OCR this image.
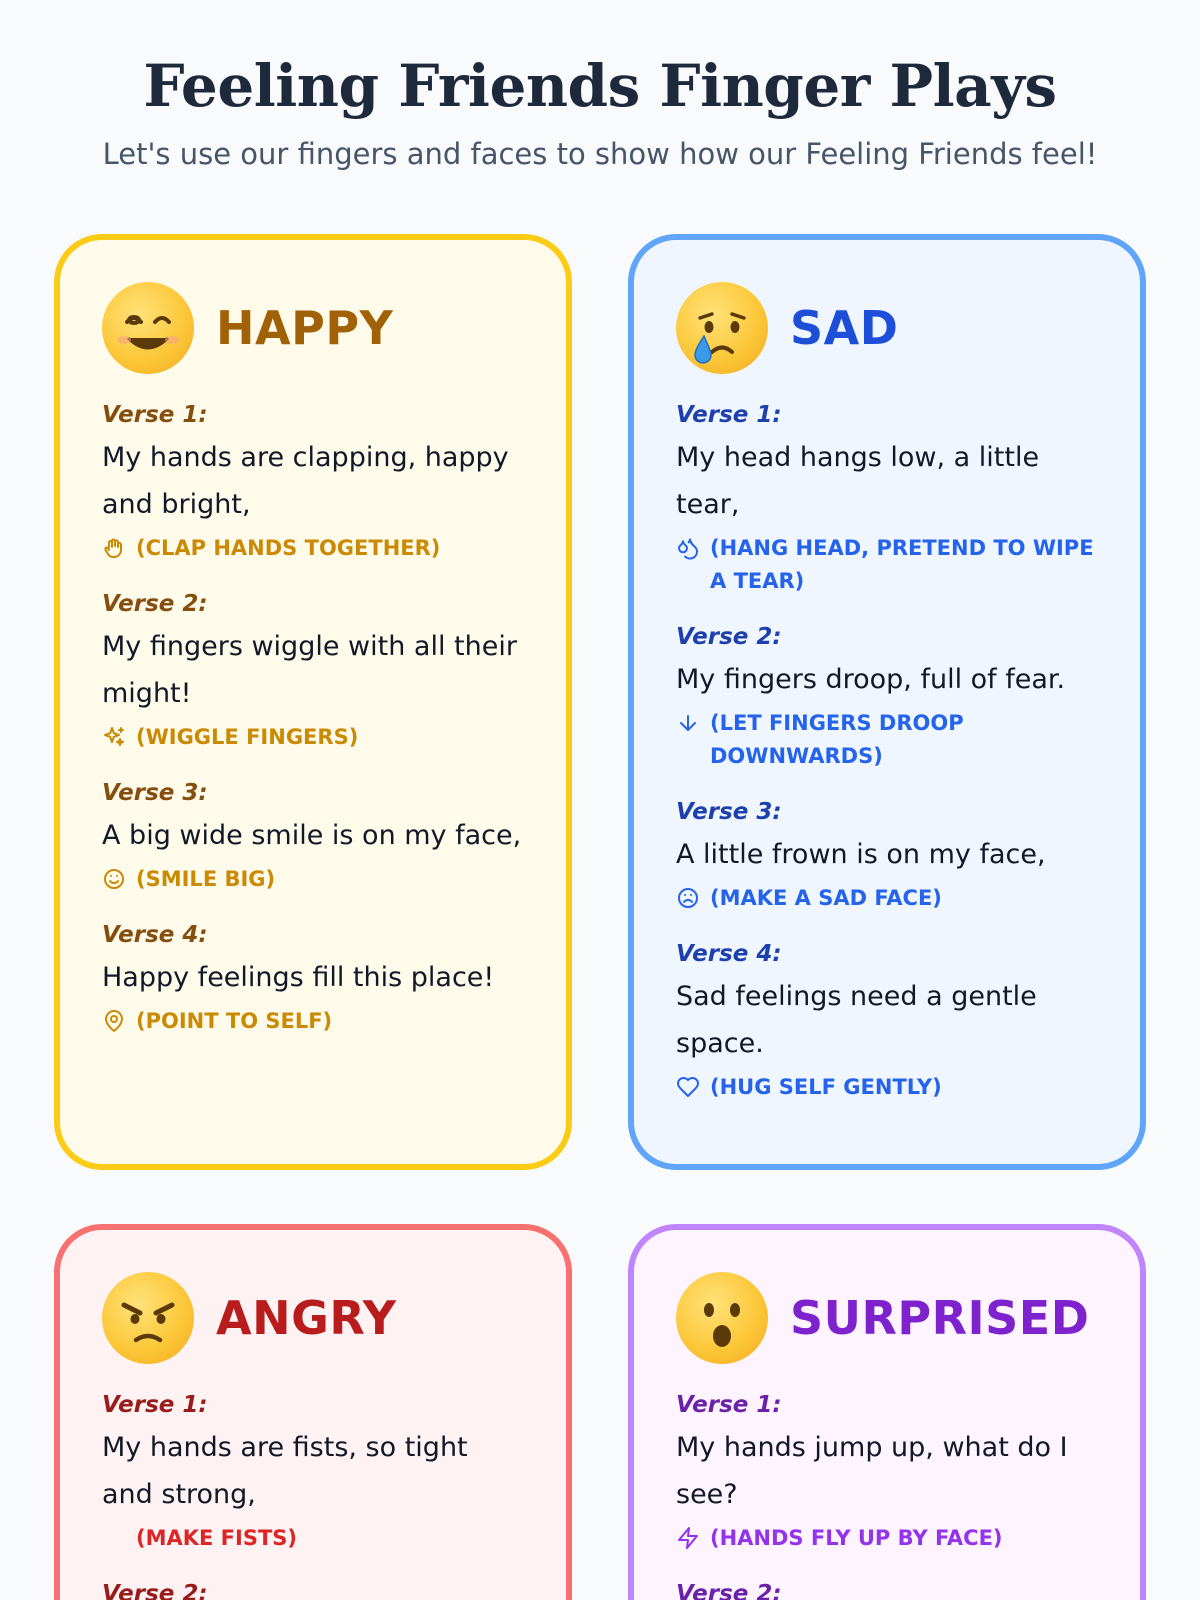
Feeling Friends Finger Plays

Let's use our fingers and faces to show how our Feeling Friends feel!

HAPPY
Verse 1:
My hands are clapping, happy and bright,
(CLAP HANDS TOGETHER)
Verse 2:
My fingers wiggle with all their might!
(WIGGLE FINGERS)
Verse 3:
A big wide smile is on my face,
(SMILE BIG)
Verse 4:
Happy feelings fill this place!
(POINT TO SELF)
SAD
Verse 1:
My head hangs low, a little tear,
(HANG HEAD, PRETEND TO WIPE A TEAR)
Verse 2:
My fingers droop, full of fear.
(LET FINGERS DROOP DOWNWARDS)
Verse 3:
A little frown is on my face,
(MAKE A SAD FACE)
Verse 4:
Sad feelings need a gentle space.
(HUG SELF GENTLY)
ANGRY
Verse 1:
My hands are fists, so tight and strong,
(MAKE FISTS)
Verse 2:
SURPRISED
Verse 1:
My hands jump up, what do I see?
(HANDS FLY UP BY FACE)
Verse 2:
